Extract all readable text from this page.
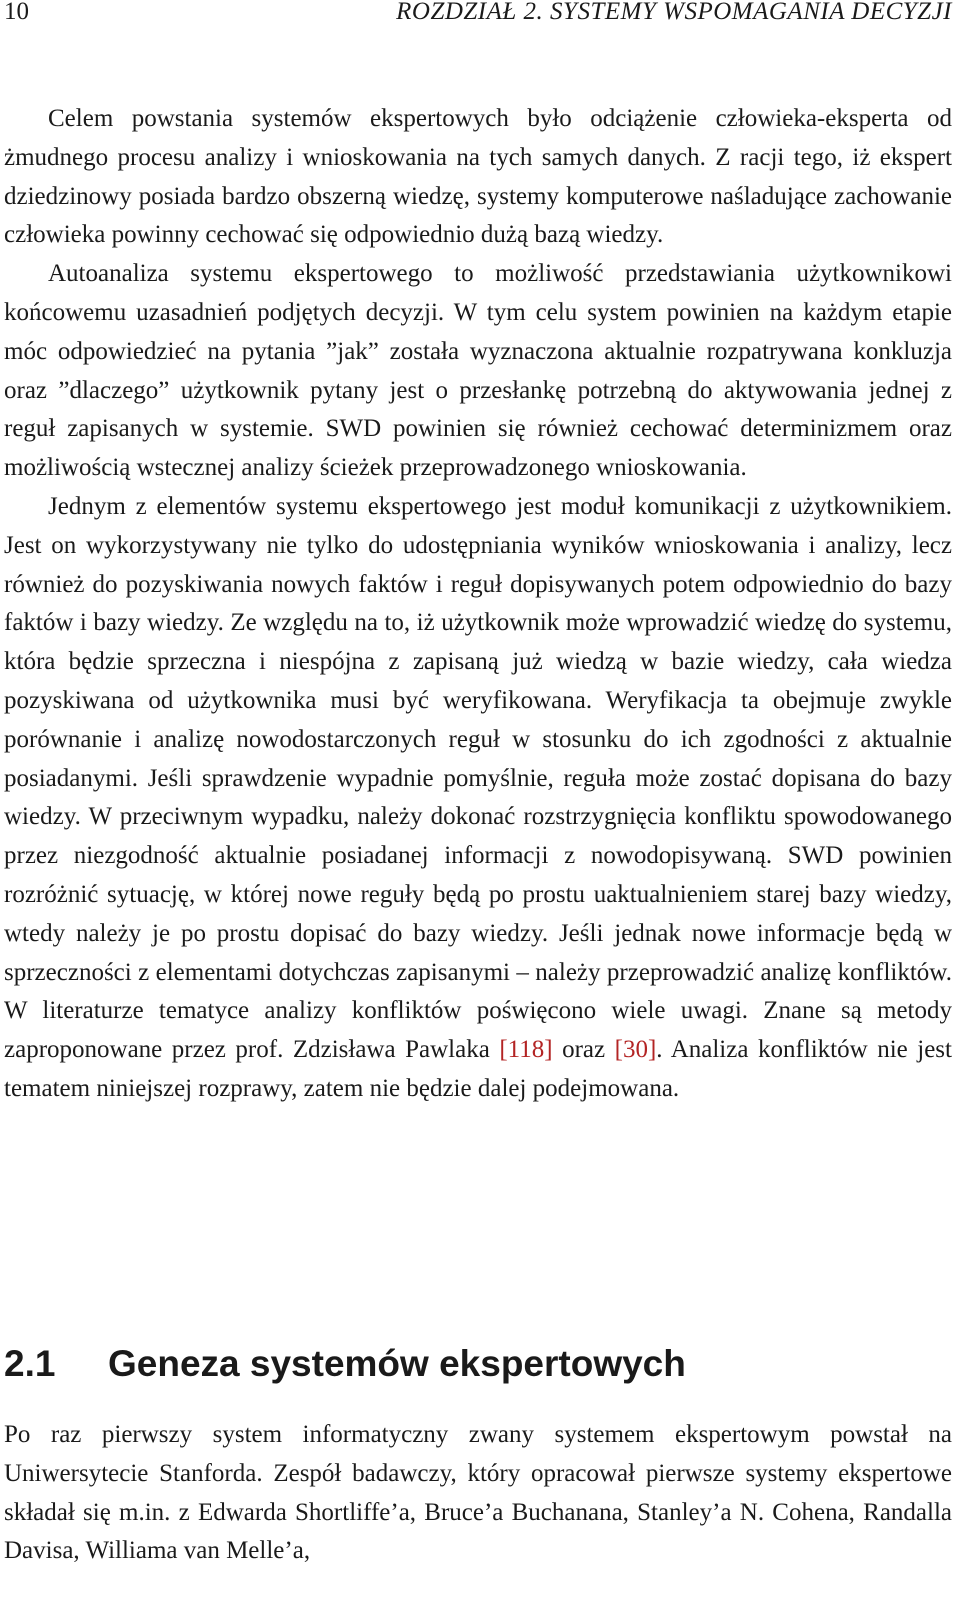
10	ROZDZIAŁ 2. SYSTEMY WSPOMAGANIA DECYZJI

Celem powstania systemów ekspertowych było odciążenie człowieka-eksperta od żmudnego procesu analizy i wnioskowania na tych samych danych. Z racji tego, iż ekspert dziedzinowy posiada bardzo obszerną wiedzę, systemy komputerowe naśladujące zachowanie człowieka powinny cechować się odpowiednio dużą bazą wiedzy.

Autoanaliza systemu ekspertowego to możliwość przedstawiania użytkownikowi końcowemu uzasadnień podjętych decyzji. W tym celu system powinien na każdym etapie móc odpowiedzieć na pytania ”jak” została wyznaczona aktualnie rozpatrywana konkluzja oraz ”dlaczego” użytkownik pytany jest o przesłankę potrzebną do aktywowania jednej z reguł zapisanych w systemie. SWD powinien się również cechować determinizmem oraz możliwością wstecznej analizy ścieżek przeprowadzonego wnioskowania.

Jednym z elementów systemu ekspertowego jest moduł komunikacji z użytkownikiem. Jest on wykorzystywany nie tylko do udostępniania wyników wnioskowania i analizy, lecz również do pozyskiwania nowych faktów i reguł dopisywanych potem odpowiednio do bazy faktów i bazy wiedzy. Ze względu na to, iż użytkownik może wprowadzić wiedzę do systemu, która będzie sprzeczna i niespójna z zapisaną już wiedzą w bazie wiedzy, cała wiedza pozyskiwana od użytkownika musi być weryfikowana. Weryfikacja ta obejmuje zwykle porównanie i analizę nowodostarczonych reguł w stosunku do ich zgodności z aktualnie posiadanymi. Jeśli sprawdzenie wypadnie pomyślnie, reguła może zostać dopisana do bazy wiedzy. W przeciwnym wypadku, należy dokonać rozstrzygnięcia konfliktu spowodowanego przez niezgodność aktualnie posiadanej informacji z nowodopisywaną. SWD powinien rozróżnić sytuację, w której nowe reguły będą po prostu uaktualnieniem starej bazy wiedzy, wtedy należy je po prostu dopisać do bazy wiedzy. Jeśli jednak nowe informacje będą w sprzeczności z elementami dotychczas zapisanymi – należy przeprowadzić analizę konfliktów. W literaturze tematyce analizy konfliktów poświęcono wiele uwagi. Znane są metody zaproponowane przez prof. Zdzisława Pawlaka [118] oraz [30]. Analiza konfliktów nie jest tematem niniejszej rozprawy, zatem nie będzie dalej podejmowana.

2.1 Geneza systemów ekspertowych

Po raz pierwszy system informatyczny zwany systemem ekspertowym powstał na Uniwersytecie Stanforda. Zespół badawczy, który opracował pierwsze systemy ekspertowe składał się m.in. z Edwarda Shortliffe’a, Bruce’a Buchanana, Stanley’a N. Cohena, Randalla Davisa, Williama van Melle’a,
